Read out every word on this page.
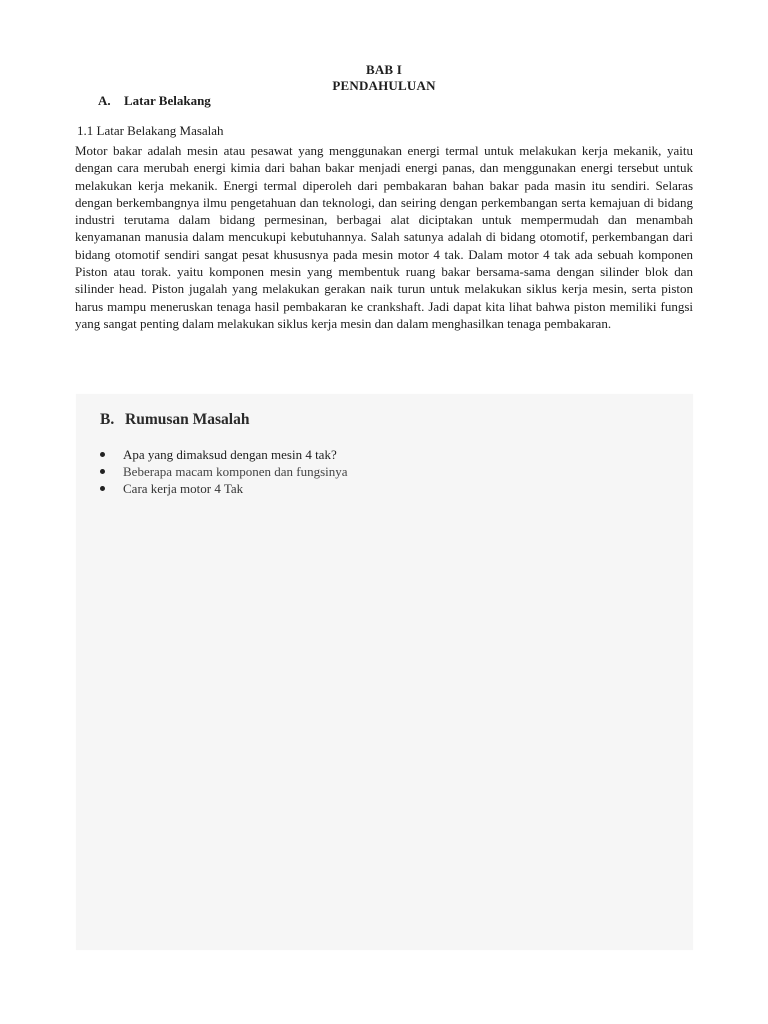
BAB I
PENDAHULUAN
A. Latar Belakang
1.1 Latar Belakang Masalah
Motor bakar adalah mesin atau pesawat yang menggunakan energi termal untuk melakukan kerja mekanik, yaitu dengan cara merubah energi kimia dari bahan bakar menjadi energi panas, dan menggunakan energi tersebut untuk melakukan kerja mekanik. Energi termal diperoleh dari pembakaran bahan bakar pada masin itu sendiri. Selaras dengan berkembangnya ilmu pengetahuan dan teknologi, dan seiring dengan perkembangan serta kemajuan di bidang industri terutama dalam bidang permesinan, berbagai alat diciptakan untuk mempermudah dan menambah kenyamanan manusia dalam mencukupi kebutuhannya. Salah satunya adalah di bidang otomotif, perkembangan dari bidang otomotif sendiri sangat pesat khususnya pada mesin motor 4 tak. Dalam motor 4 tak ada sebuah komponen Piston atau torak. yaitu komponen mesin yang membentuk ruang bakar bersama-sama dengan silinder blok dan silinder head. Piston jugalah yang melakukan gerakan naik turun untuk melakukan siklus kerja mesin, serta piston harus mampu meneruskan tenaga hasil pembakaran ke crankshaft. Jadi dapat kita lihat bahwa piston memiliki fungsi yang sangat penting dalam melakukan siklus kerja mesin dan dalam menghasilkan tenaga pembakaran.
B. Rumusan Masalah
Apa yang dimaksud dengan mesin 4 tak?
Beberapa macam komponen dan fungsinya
Cara kerja motor 4 Tak
